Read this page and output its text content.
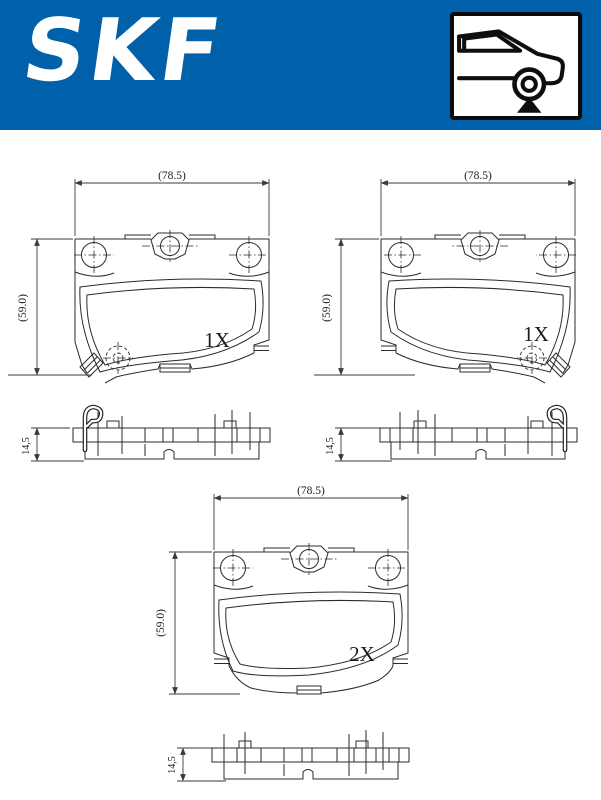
SKF
(78.5)
(59.0)
14,5
1X
(78.5)
(59.0)
14,5
1X
(78.5)
(59.0)
14,5
2X
